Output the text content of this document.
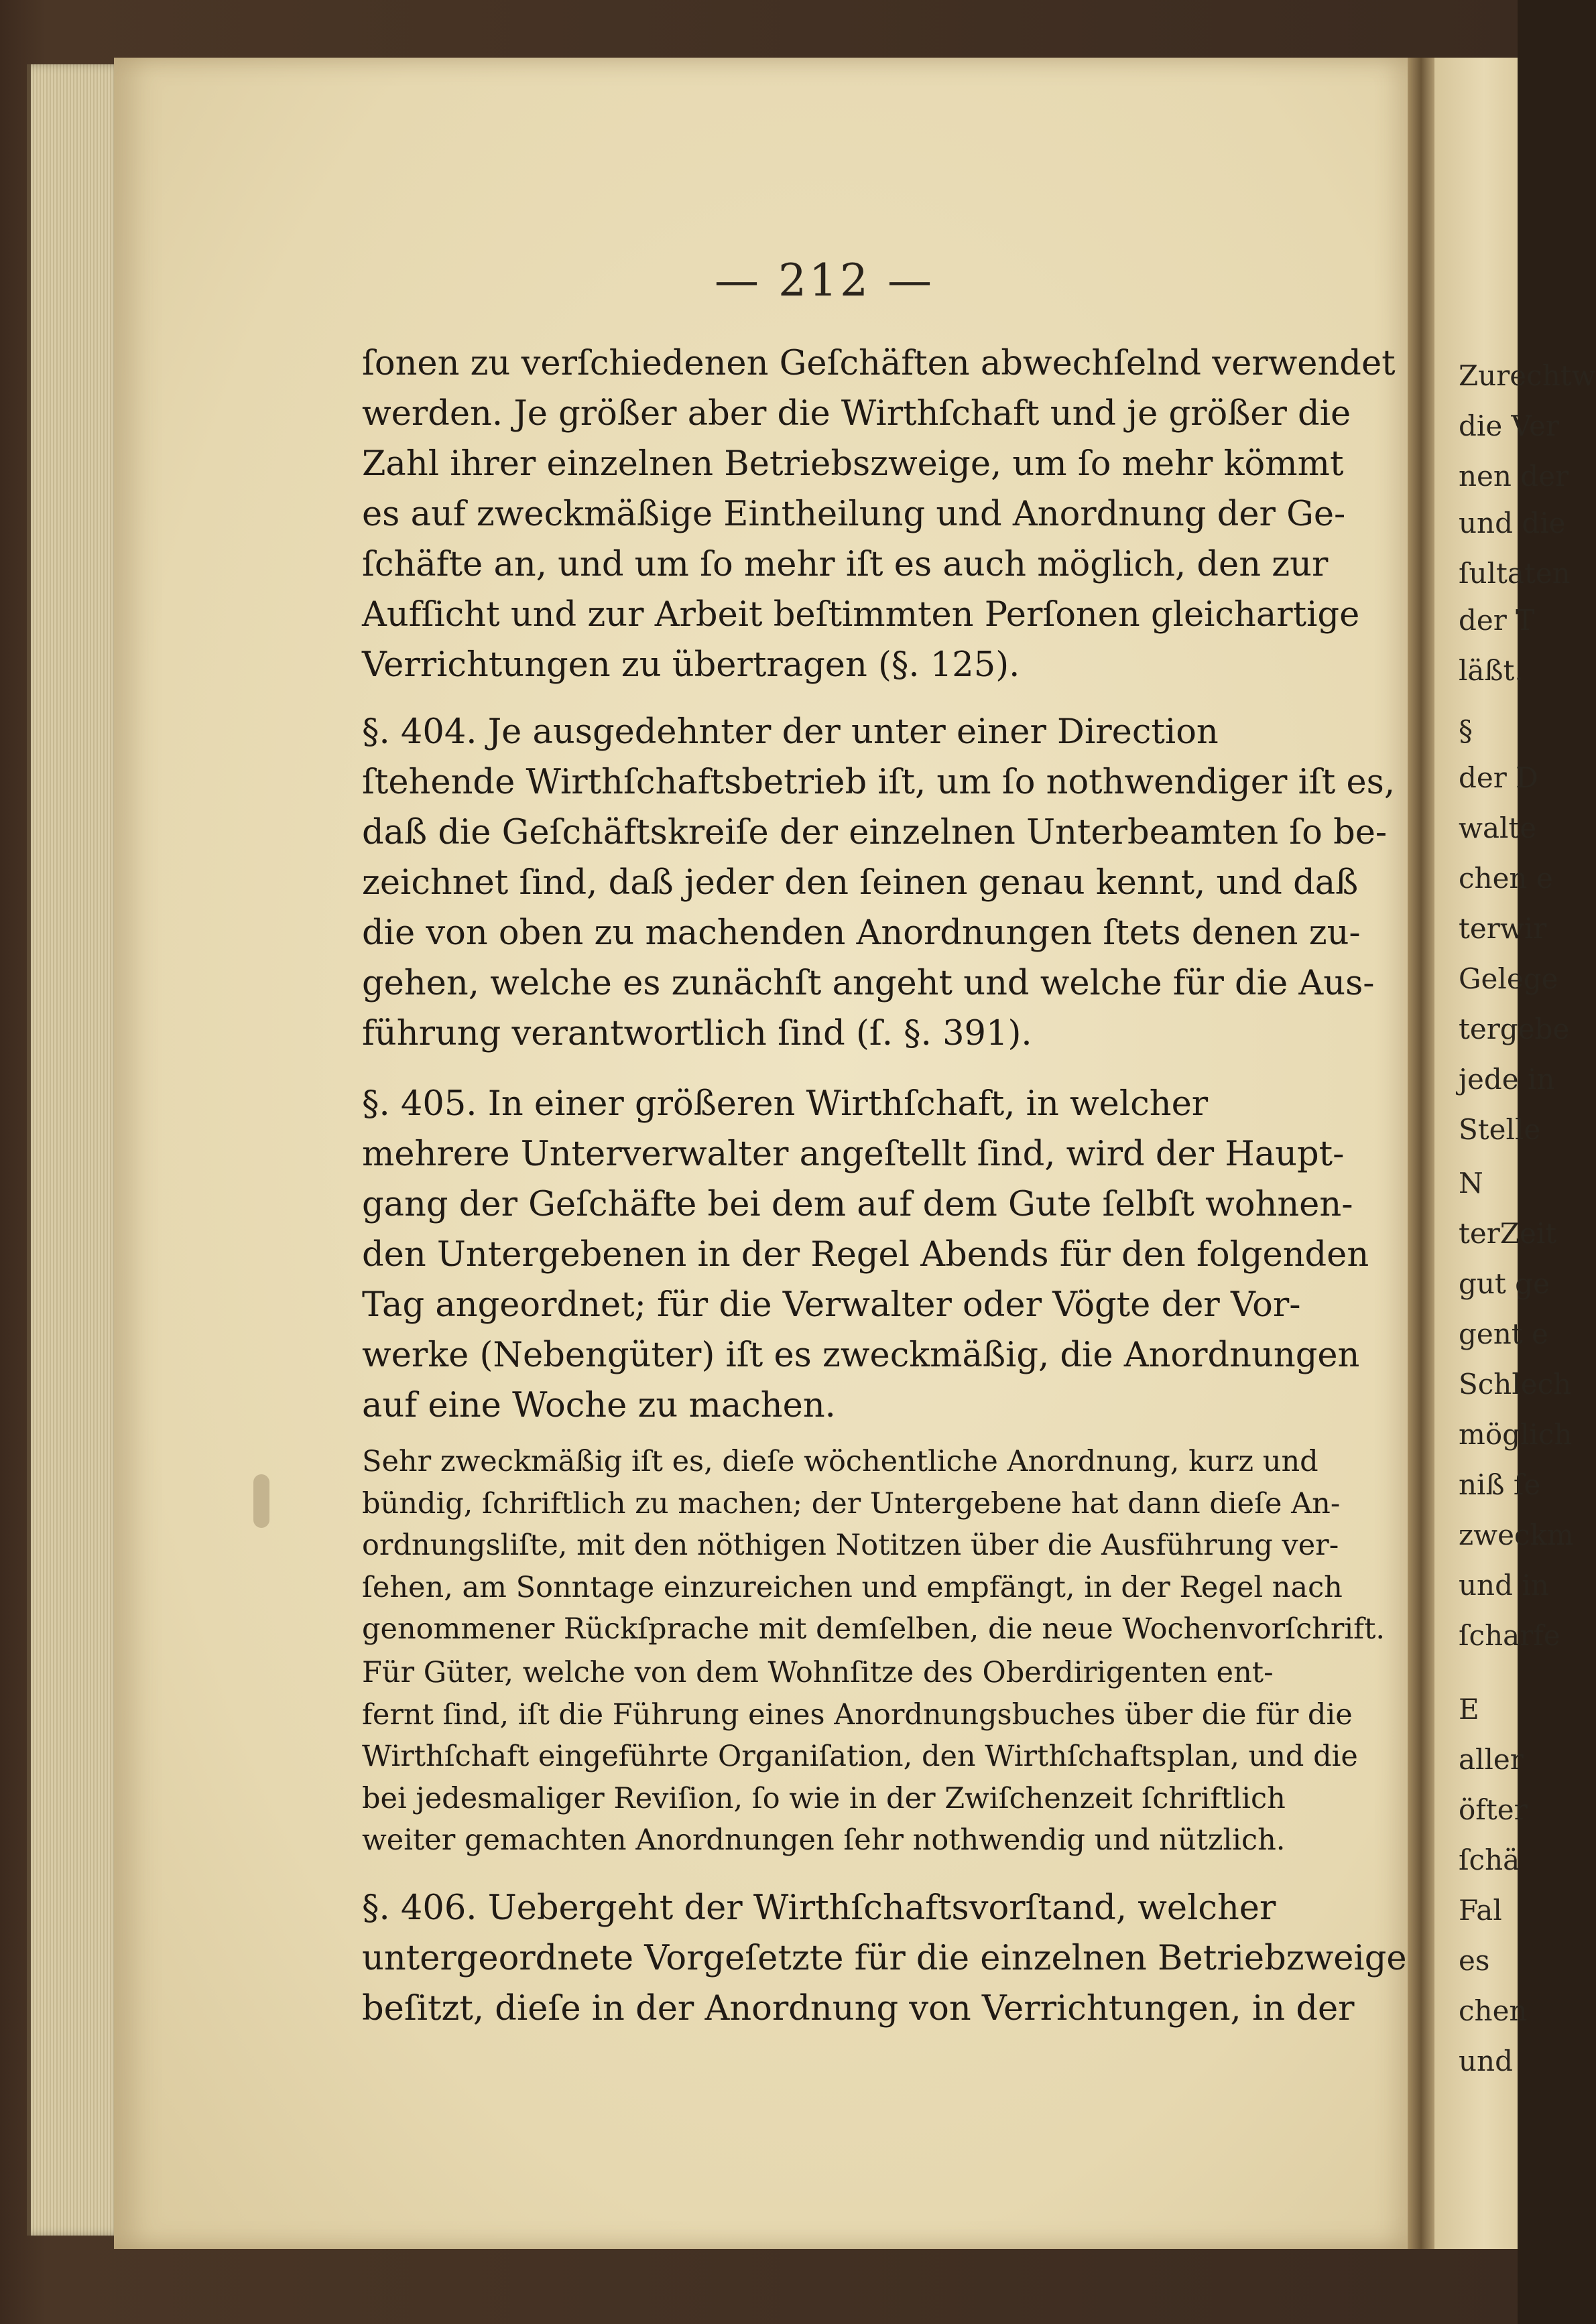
Zurechtw
die Ver
nen der
und die
ſultaten
der T
läßt.
§
der D
walte
chen e
terwir
Gelege
tergebe
jede in
Stelle
N
terZeit
gut ge
gent e
Schlech
möglich
niß ſe
zweckm
und in
ſcharfe
E
aller
öfter
ſchä
Fal
es
chen
und
— 212 —
ſonen zu verſchiedenen Geſchäften abwechſelnd verwendet
werden. Je größer aber die Wirthſchaft und je größer die
Zahl ihrer einzelnen Betriebszweige, um ſo mehr kömmt
es auf zweckmäßige Eintheilung und Anordnung der Ge-
ſchäfte an, und um ſo mehr iſt es auch möglich, den zur
Aufſicht und zur Arbeit beſtimmten Perſonen gleichartige
Verrichtungen zu übertragen (§. 125).
§. 404. Je ausgedehnter der unter einer Direction
ſtehende Wirthſchaftsbetrieb iſt, um ſo nothwendiger iſt es,
daß die Geſchäftskreiſe der einzelnen Unterbeamten ſo be-
zeichnet ſind, daß jeder den ſeinen genau kennt, und daß
die von oben zu machenden Anordnungen ſtets denen zu-
gehen, welche es zunächſt angeht und welche für die Aus-
führung verantwortlich ſind (ſ. §. 391).
§. 405. In einer größeren Wirthſchaft, in welcher
mehrere Unterverwalter angeſtellt ſind, wird der Haupt-
gang der Geſchäfte bei dem auf dem Gute ſelbſt wohnen-
den Untergebenen in der Regel Abends für den folgenden
Tag angeordnet; für die Verwalter oder Vögte der Vor-
werke (Nebengüter) iſt es zweckmäßig, die Anordnungen
auf eine Woche zu machen.
Sehr zweckmäßig iſt es, dieſe wöchentliche Anordnung, kurz und
bündig, ſchriftlich zu machen; der Untergebene hat dann dieſe An-
ordnungsliſte, mit den nöthigen Notitzen über die Ausführung ver-
ſehen, am Sonntage einzureichen und empfängt, in der Regel nach
genommener Rückſprache mit demſelben, die neue Wochenvorſchrift.
Für Güter, welche von dem Wohnſitze des Oberdirigenten ent-
fernt ſind, iſt die Führung eines Anordnungsbuches über die für die
Wirthſchaft eingeführte Organiſation, den Wirthſchaftsplan, und die
bei jedesmaliger Reviſion, ſo wie in der Zwiſchenzeit ſchriftlich
weiter gemachten Anordnungen ſehr nothwendig und nützlich.
§. 406. Uebergeht der Wirthſchaftsvorſtand, welcher
untergeordnete Vorgeſetzte für die einzelnen Betriebzweige
beſitzt, dieſe in der Anordnung von Verrichtungen, in der
